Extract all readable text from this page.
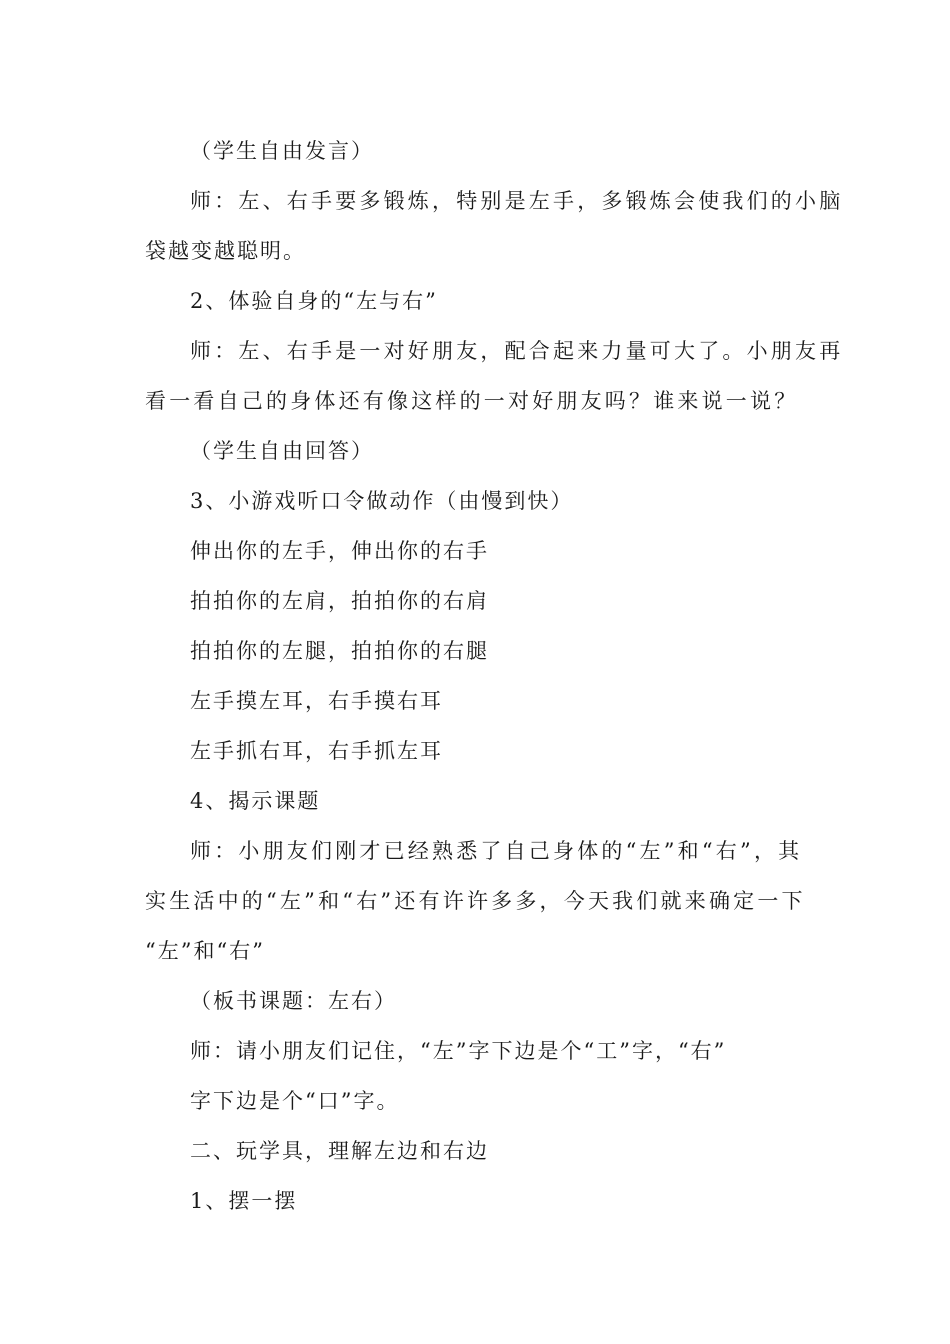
（学生自由发言）
师：左、右手要多锻炼，特别是左手，多锻炼会使我们的小脑
袋越变越聪明。
2、体验自身的“左与右”
师：左、右手是一对好朋友，配合起来力量可大了。小朋友再
看一看自己的身体还有像这样的一对好朋友吗？谁来说一说？
（学生自由回答）
3、小游戏听口令做动作（由慢到快）
伸出你的左手，伸出你的右手
拍拍你的左肩，拍拍你的右肩
拍拍你的左腿，拍拍你的右腿
左手摸左耳，右手摸右耳
左手抓右耳，右手抓左耳
4、揭示课题
师：小朋友们刚才已经熟悉了自己身体的“左”和“右”，其
实生活中的“左”和“右”还有许许多多，今天我们就来确定一下
“左”和“右”
（板书课题：左右）
师：请小朋友们记住，“左”字下边是个“工”字，“右”
字下边是个“口”字。
二、玩学具，理解左边和右边
1、摆一摆
